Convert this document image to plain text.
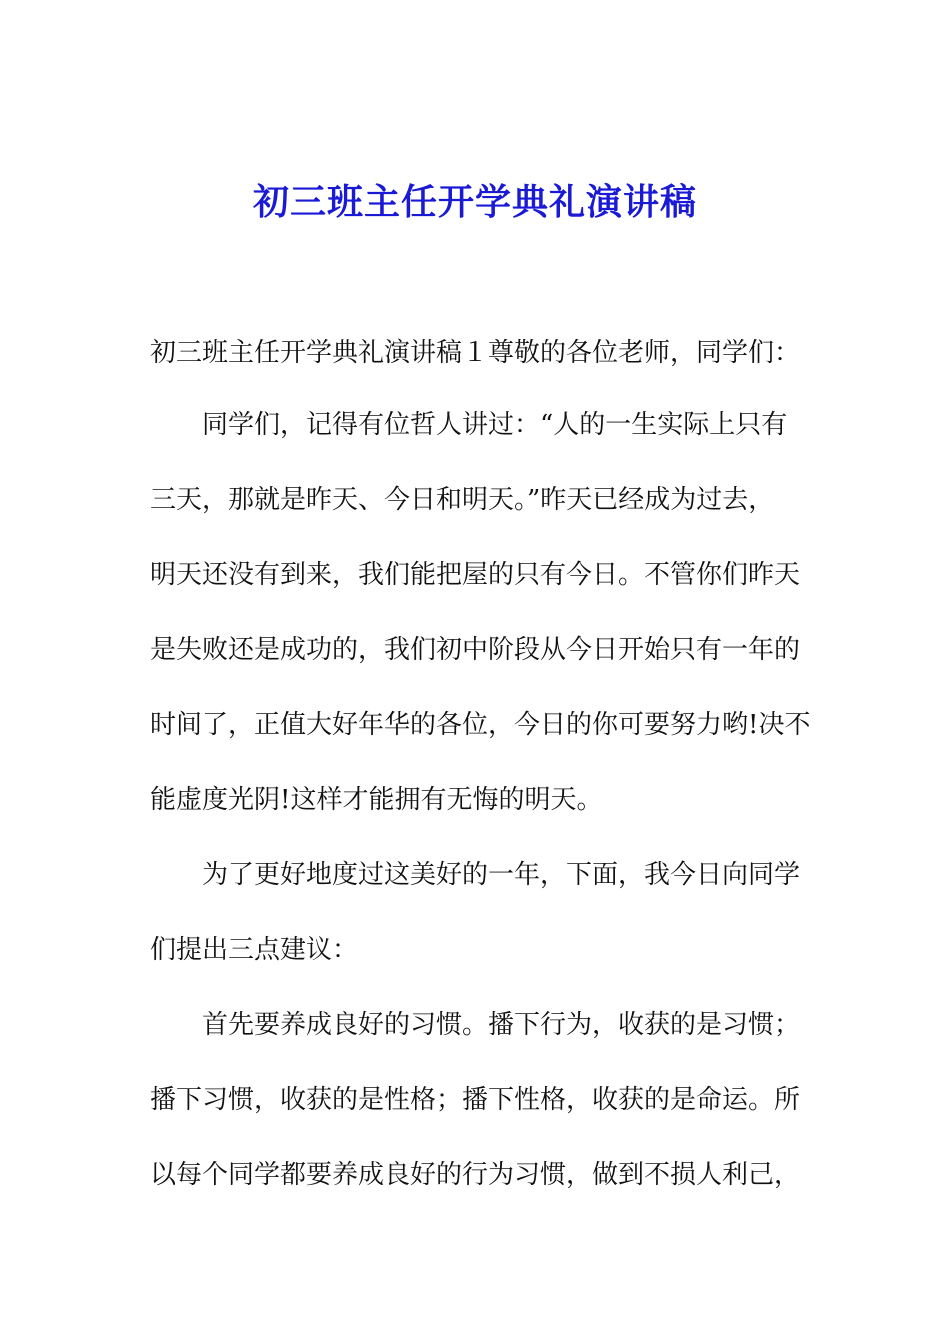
初三班主任开学典礼演讲稿

初三班主任开学典礼演讲稿１尊敬的各位老师，同学们：

同学们，记得有位哲人讲过：“人的一生实际上只有

三天，那就是昨天、今日和明天。”昨天已经成为过去，

明天还没有到来，我们能把屋的只有今日。不管你们昨天

是失败还是成功的，我们初中阶段从今日开始只有一年的

时间了，正值大好年华的各位，今日的你可要努力哟!决不

能虚度光阴!这样才能拥有无悔的明天。

为了更好地度过这美好的一年，下面，我今日向同学

们提出三点建议：

首先要养成良好的习惯。播下行为，收获的是习惯；

播下习惯，收获的是性格；播下性格，收获的是命运。所

以每个同学都要养成良好的行为习惯，做到不损人利己，
